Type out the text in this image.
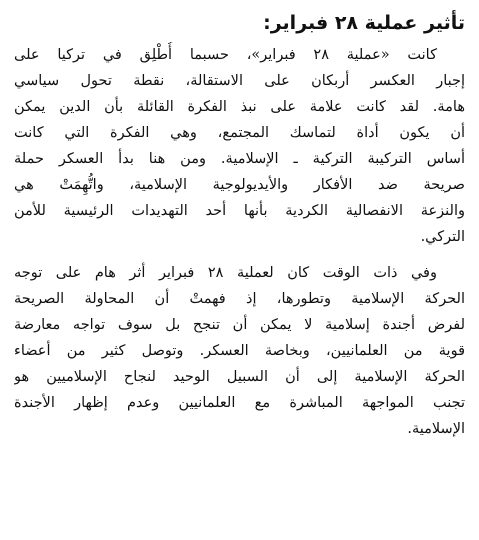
تأثير عملية ٢٨ فبراير:
كانت «عملية ٢٨ فبراير»، حسبما أُطْلِق في تركيا على
إجبار العكسر أربكان على الاستقالة، نقطة تحول سياسي
هامة. لقد كانت علامة على نبذ الفكرة القائلة بأن الدين يمكن
أن يكون أداة لتماسك المجتمع، وهي الفكرة التي كانت
أساس التركيبة التركية ـ الإسلامية. ومن هنا بدأ العسكر حملة
صريحة ضد الأفكار والأيديولوجية الإسلامية، واتُّهِمَتْ هي
والنزعة الانفصالية الكردية بأنها أحد التهديدات الرئيسية للأمن
التركي.
وفي ذات الوقت كان لعملية ٢٨ فبراير أثر هام على توجه
الحركة الإسلامية وتطورها، إذ فهمتْ أن المحاولة الصريحة
لفرض أجندة إسلامية لا يمكن أن تنجح بل سوف تواجه معارضة
قوية من العلمانيين، وبخاصة العسكر. وتوصل كثير من أعضاء
الحركة الإسلامية إلى أن السبيل الوحيد لنجاح الإسلاميين هو
تجنب المواجهة المباشرة مع العلمانيين وعدم إظهار الأجندة
الإسلامية.
